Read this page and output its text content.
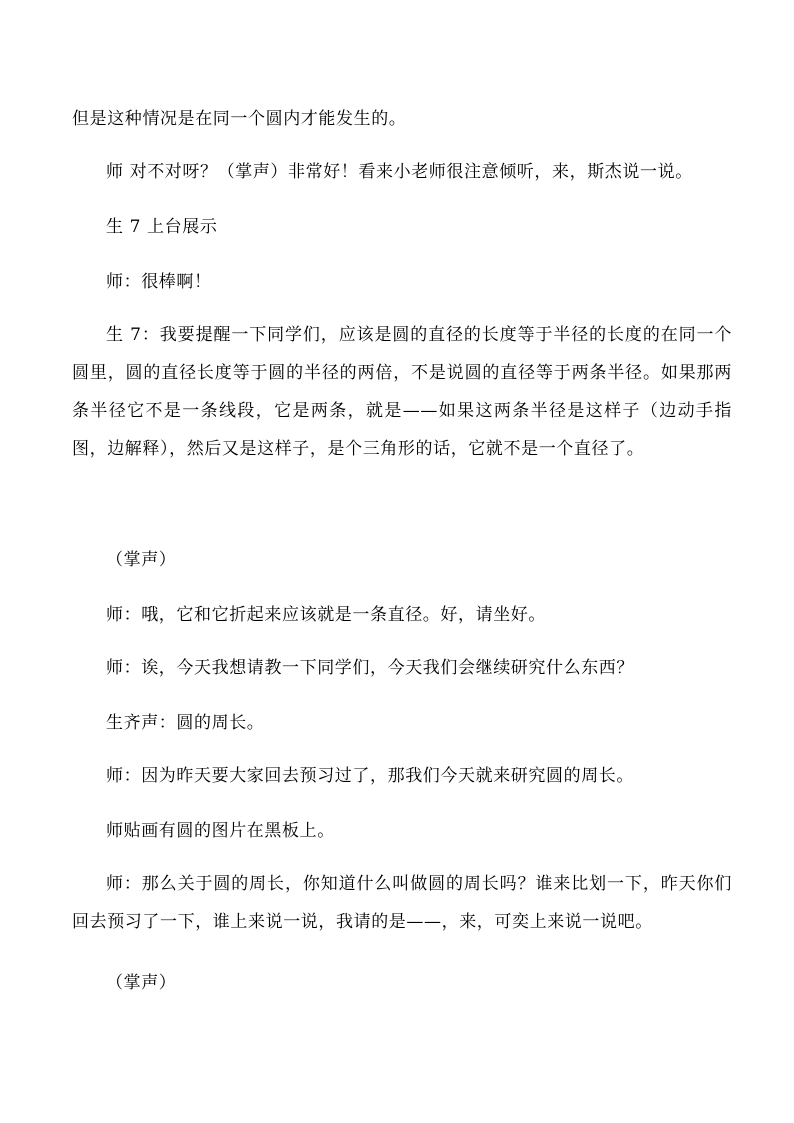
但是这种情况是在同一个圆内才能发生的。

师 对不对呀？（掌声）非常好！看来小老师很注意倾听，来，斯杰说一说。

生 7 上台展示

师：很棒啊！

生 7：我要提醒一下同学们，应该是圆的直径的长度等于半径的长度的在同一个圆里，圆的直径长度等于圆的半径的两倍，不是说圆的直径等于两条半径。如果那两条半径它不是一条线段，它是两条，就是——如果这两条半径是这样子（边动手指图，边解释），然后又是这样子，是个三角形的话，它就不是一个直径了。

（掌声）

师：哦，它和它折起来应该就是一条直径。好，请坐好。

师：诶，今天我想请教一下同学们，今天我们会继续研究什么东西？

生齐声：圆的周长。

师：因为昨天要大家回去预习过了，那我们今天就来研究圆的周长。

师贴画有圆的图片在黑板上。

师：那么关于圆的周长，你知道什么叫做圆的周长吗？谁来比划一下，昨天你们回去预习了一下，谁上来说一说，我请的是——，来，可奕上来说一说吧。

（掌声）
